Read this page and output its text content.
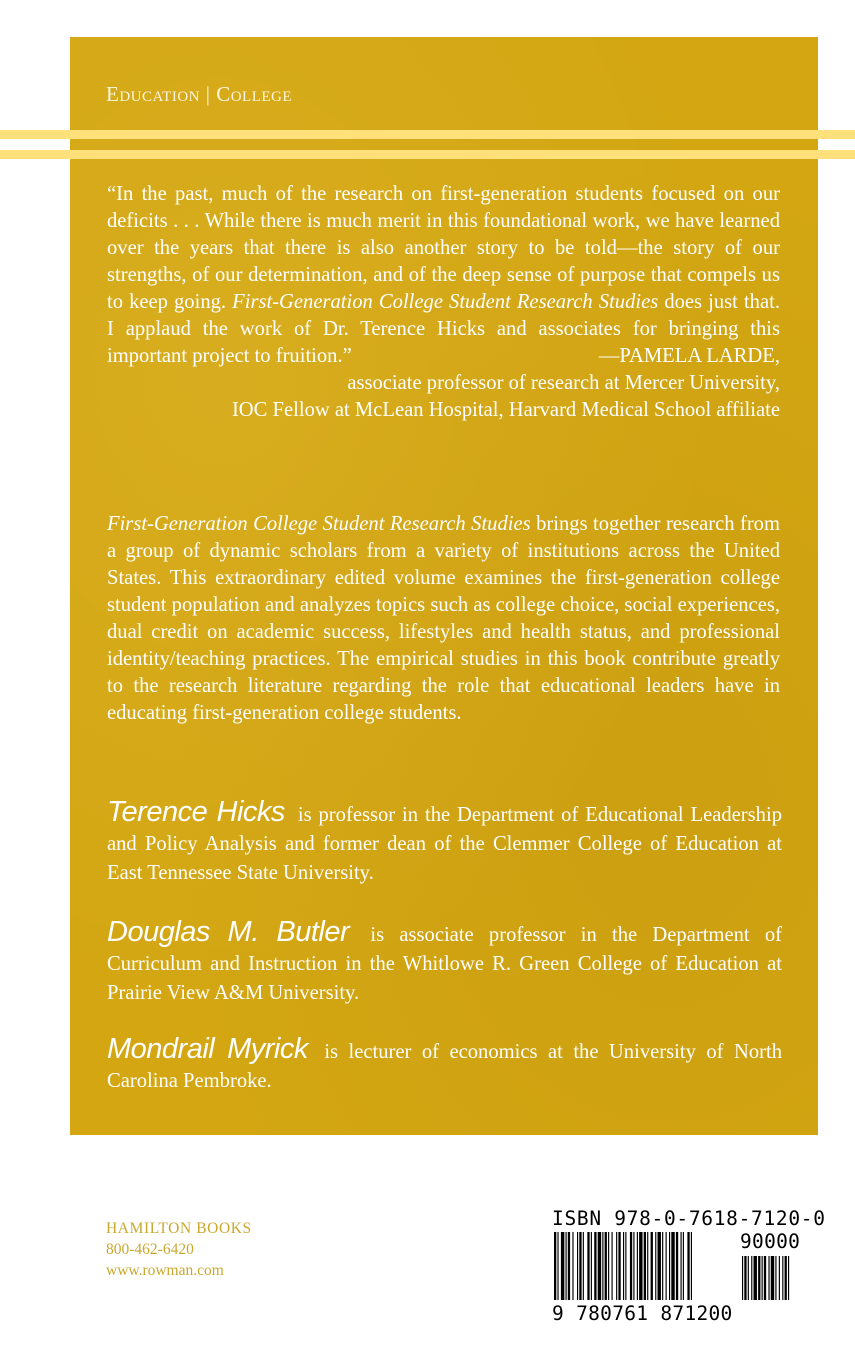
Education | College

“In the past, much of the research on first-generation students focused on our deficits . . . While there is much merit in this foundational work, we have learned over the years that there is also another story to be told—the story of our strengths, of our determination, and of the deep sense of purpose that compels us to keep going. First-Generation College Student Research Studies does just that. I applaud the work of Dr. Terence Hicks and associates for bringing this important project to fruition.”	—PAMELA LARDE,

associate professor of research at Mercer University,

IOC Fellow at McLean Hospital, Harvard Medical School affiliate

First-Generation College Student Research Studies brings together research from a group of dynamic scholars from a variety of institutions across the United States. This extraordinary edited volume examines the first-generation college student population and analyzes topics such as college choice, social experiences, dual credit on academic success, lifestyles and health status, and professional identity/teaching practices. The empirical studies in this book contribute greatly to the research literature regarding the role that educational leaders have in educating first-generation college students.

Terence Hicks is professor in the Department of Educational Leadership and Policy Analysis and former dean of the Clemmer College of Education at East Tennessee State University.

Douglas M. Butler is associate professor in the Department of Curriculum and Instruction in the Whitlowe R. Green College of Education at Prairie View A&M University.

Mondrail Myrick is lecturer of economics at the University of North Carolina Pembroke.

HAMILTON BOOKS
800-462-6420
www.rowman.com
ISBN 978-0-7618-7120-0
90000
9 780761 871200
